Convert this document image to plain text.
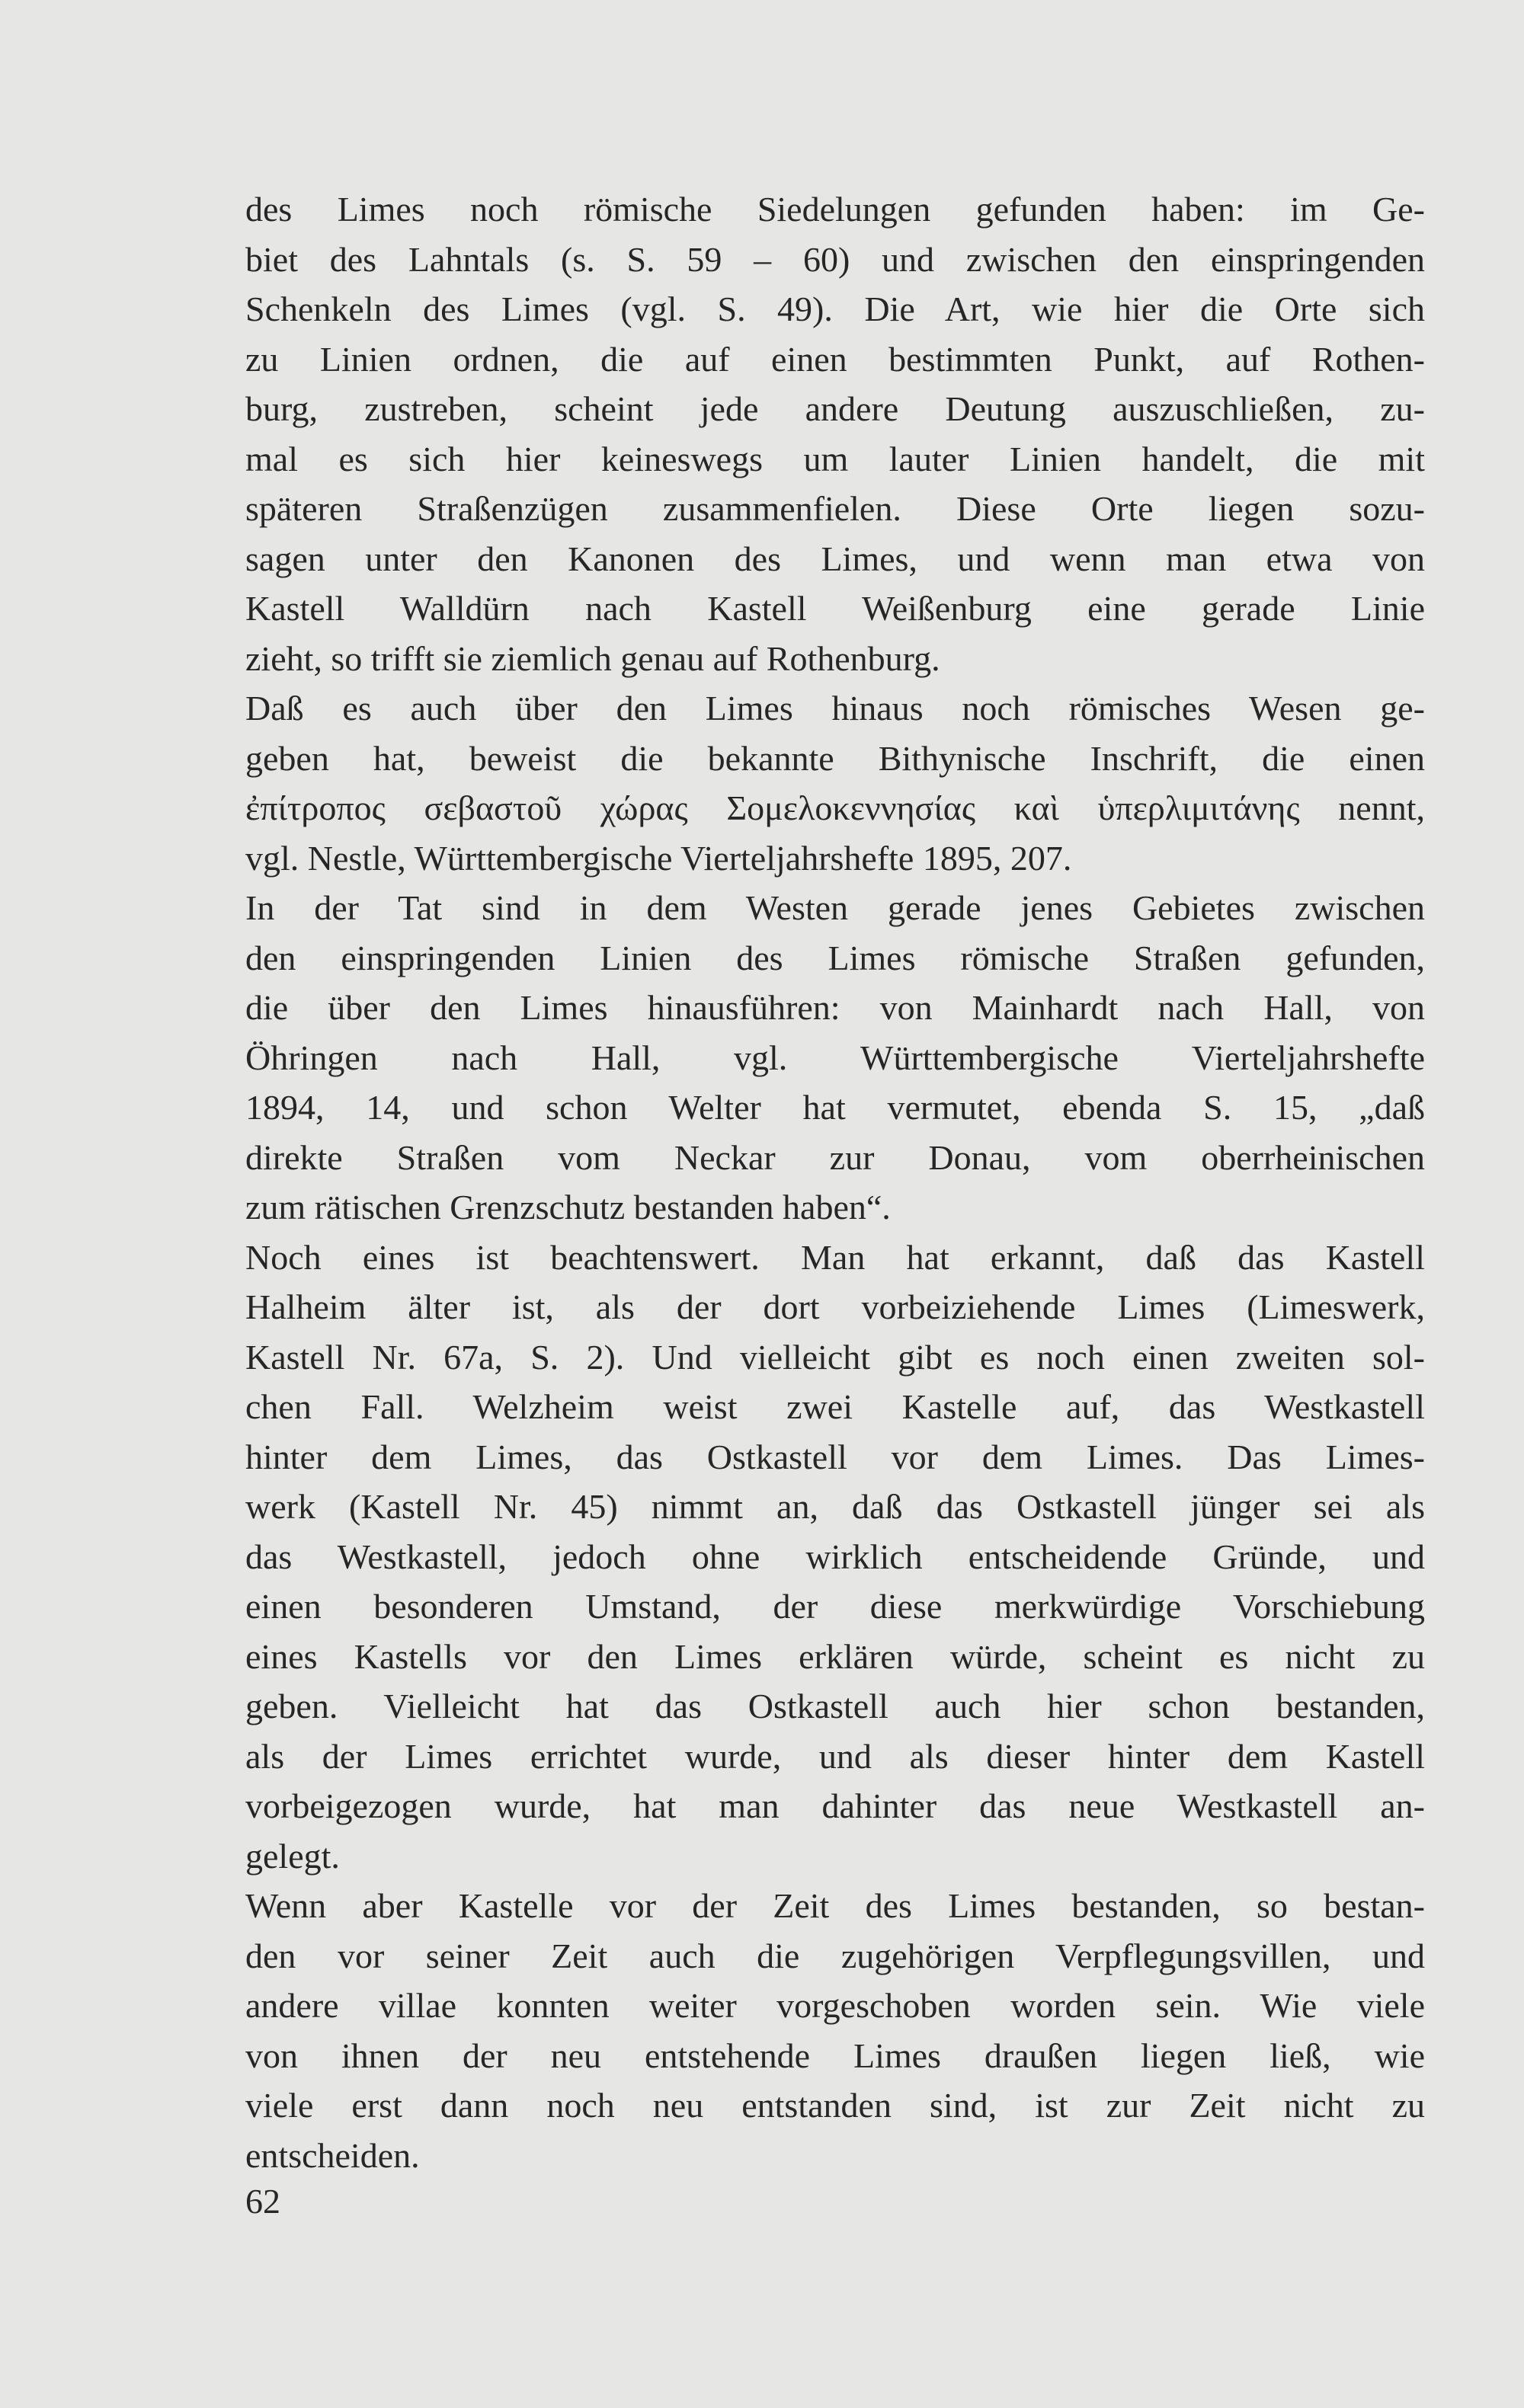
des Limes noch römische Siedelungen gefunden haben: im Ge-
biet des Lahntals (s. S. 59 – 60) und zwischen den einspringenden
Schenkeln des Limes (vgl. S. 49). Die Art, wie hier die Orte sich
zu Linien ordnen, die auf einen bestimmten Punkt, auf Rothen-
burg, zustreben, scheint jede andere Deutung auszuschließen, zu-
mal es sich hier keineswegs um lauter Linien handelt, die mit
späteren Straßenzügen zusammenfielen. Diese Orte liegen sozu-
sagen unter den Kanonen des Limes, und wenn man etwa von
Kastell Walldürn nach Kastell Weißenburg eine gerade Linie
zieht, so trifft sie ziemlich genau auf Rothenburg.
Daß es auch über den Limes hinaus noch römisches Wesen ge-
geben hat, beweist die bekannte Bithynische Inschrift, die einen
ἐπίτροπος σεβαστοῦ χώρας Σομελοκεννησίας καὶ ὑπερλιμιτάνης nennt,
vgl. Nestle, Württembergische Vierteljahrshefte 1895, 207.
In der Tat sind in dem Westen gerade jenes Gebietes zwischen
den einspringenden Linien des Limes römische Straßen gefunden,
die über den Limes hinausführen: von Mainhardt nach Hall, von
Öhringen nach Hall, vgl. Württembergische Vierteljahrshefte
1894, 14, und schon Welter hat vermutet, ebenda S. 15, „daß
direkte Straßen vom Neckar zur Donau, vom oberrheinischen
zum rätischen Grenzschutz bestanden haben“.
Noch eines ist beachtenswert. Man hat erkannt, daß das Kastell
Halheim älter ist, als der dort vorbeiziehende Limes (Limeswerk,
Kastell Nr. 67a, S. 2). Und vielleicht gibt es noch einen zweiten sol-
chen Fall. Welzheim weist zwei Kastelle auf, das Westkastell
hinter dem Limes, das Ostkastell vor dem Limes. Das Limes-
werk (Kastell Nr. 45) nimmt an, daß das Ostkastell jünger sei als
das Westkastell, jedoch ohne wirklich entscheidende Gründe, und
einen besonderen Umstand, der diese merkwürdige Vorschiebung
eines Kastells vor den Limes erklären würde, scheint es nicht zu
geben. Vielleicht hat das Ostkastell auch hier schon bestanden,
als der Limes errichtet wurde, und als dieser hinter dem Kastell
vorbeigezogen wurde, hat man dahinter das neue Westkastell an-
gelegt.
Wenn aber Kastelle vor der Zeit des Limes bestanden, so bestan-
den vor seiner Zeit auch die zugehörigen Verpflegungsvillen, und
andere villae konnten weiter vorgeschoben worden sein. Wie viele
von ihnen der neu entstehende Limes draußen liegen ließ, wie
viele erst dann noch neu entstanden sind, ist zur Zeit nicht zu
entscheiden.
62
